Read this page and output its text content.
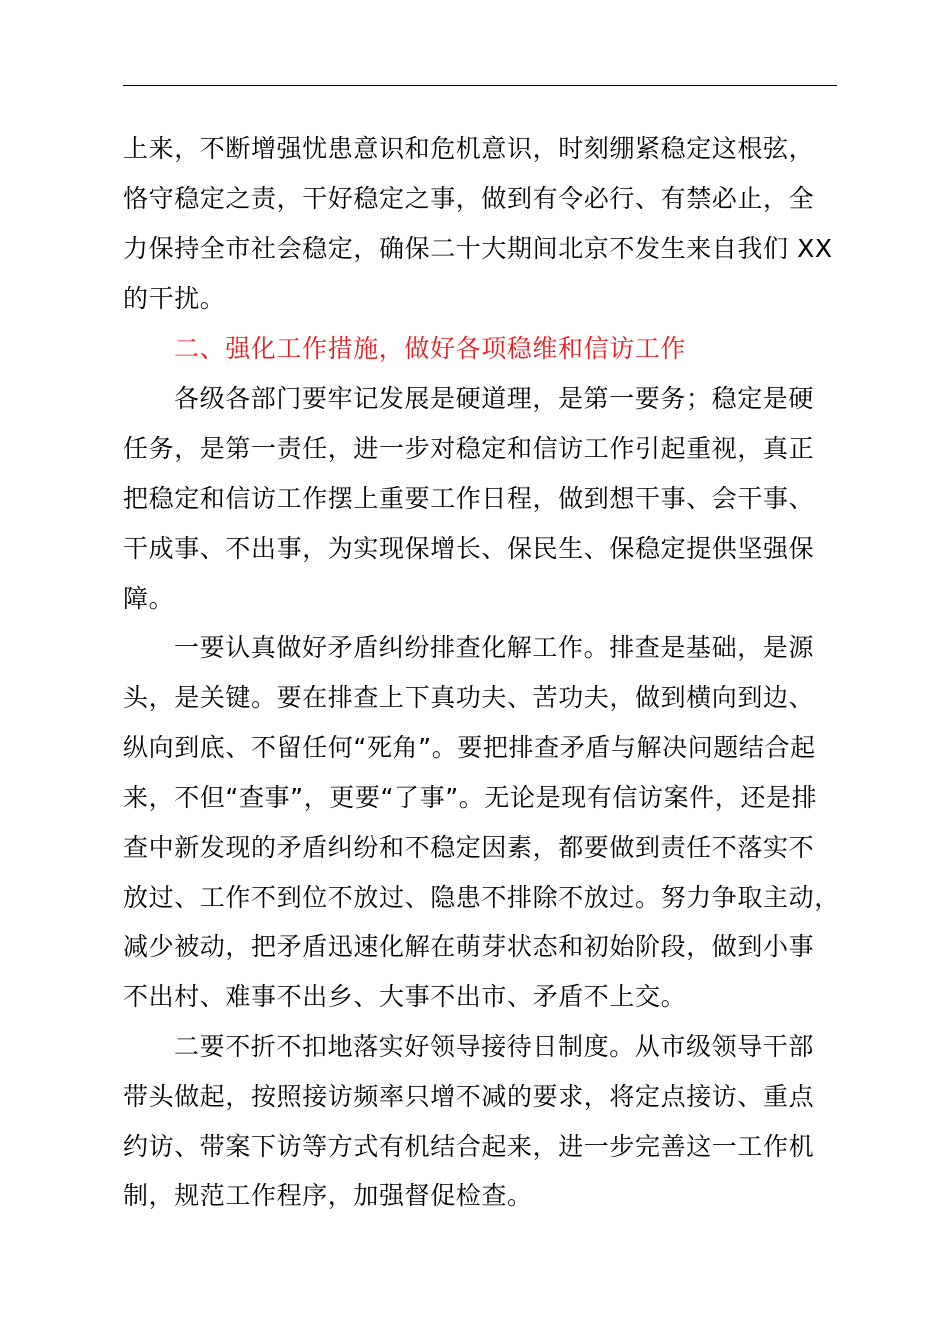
上来，不断增强忧患意识和危机意识，时刻绷紧稳定这根弦，
恪守稳定之责，干好稳定之事，做到有令必行、有禁必止，全
力保持全市社会稳定，确保二十大期间北京不发生来自我们 XX
的干扰。
二、强化工作措施，做好各项稳维和信访工作
各级各部门要牢记发展是硬道理，是第一要务；稳定是硬
任务，是第一责任，进一步对稳定和信访工作引起重视，真正
把稳定和信访工作摆上重要工作日程，做到想干事、会干事、
干成事、不出事，为实现保增长、保民生、保稳定提供坚强保
障。
一要认真做好矛盾纠纷排查化解工作。排查是基础，是源
头，是关键。要在排查上下真功夫、苦功夫，做到横向到边、
纵向到底、不留任何“死角”。要把排查矛盾与解决问题结合起
来，不但“查事”，更要“了事”。无论是现有信访案件，还是排
查中新发现的矛盾纠纷和不稳定因素，都要做到责任不落实不
放过、工作不到位不放过、隐患不排除不放过。努力争取主动，
减少被动，把矛盾迅速化解在萌芽状态和初始阶段，做到小事
不出村、难事不出乡、大事不出市、矛盾不上交。
二要不折不扣地落实好领导接待日制度。从市级领导干部
带头做起，按照接访频率只增不减的要求，将定点接访、重点
约访、带案下访等方式有机结合起来，进一步完善这一工作机
制，规范工作程序，加强督促检查。
